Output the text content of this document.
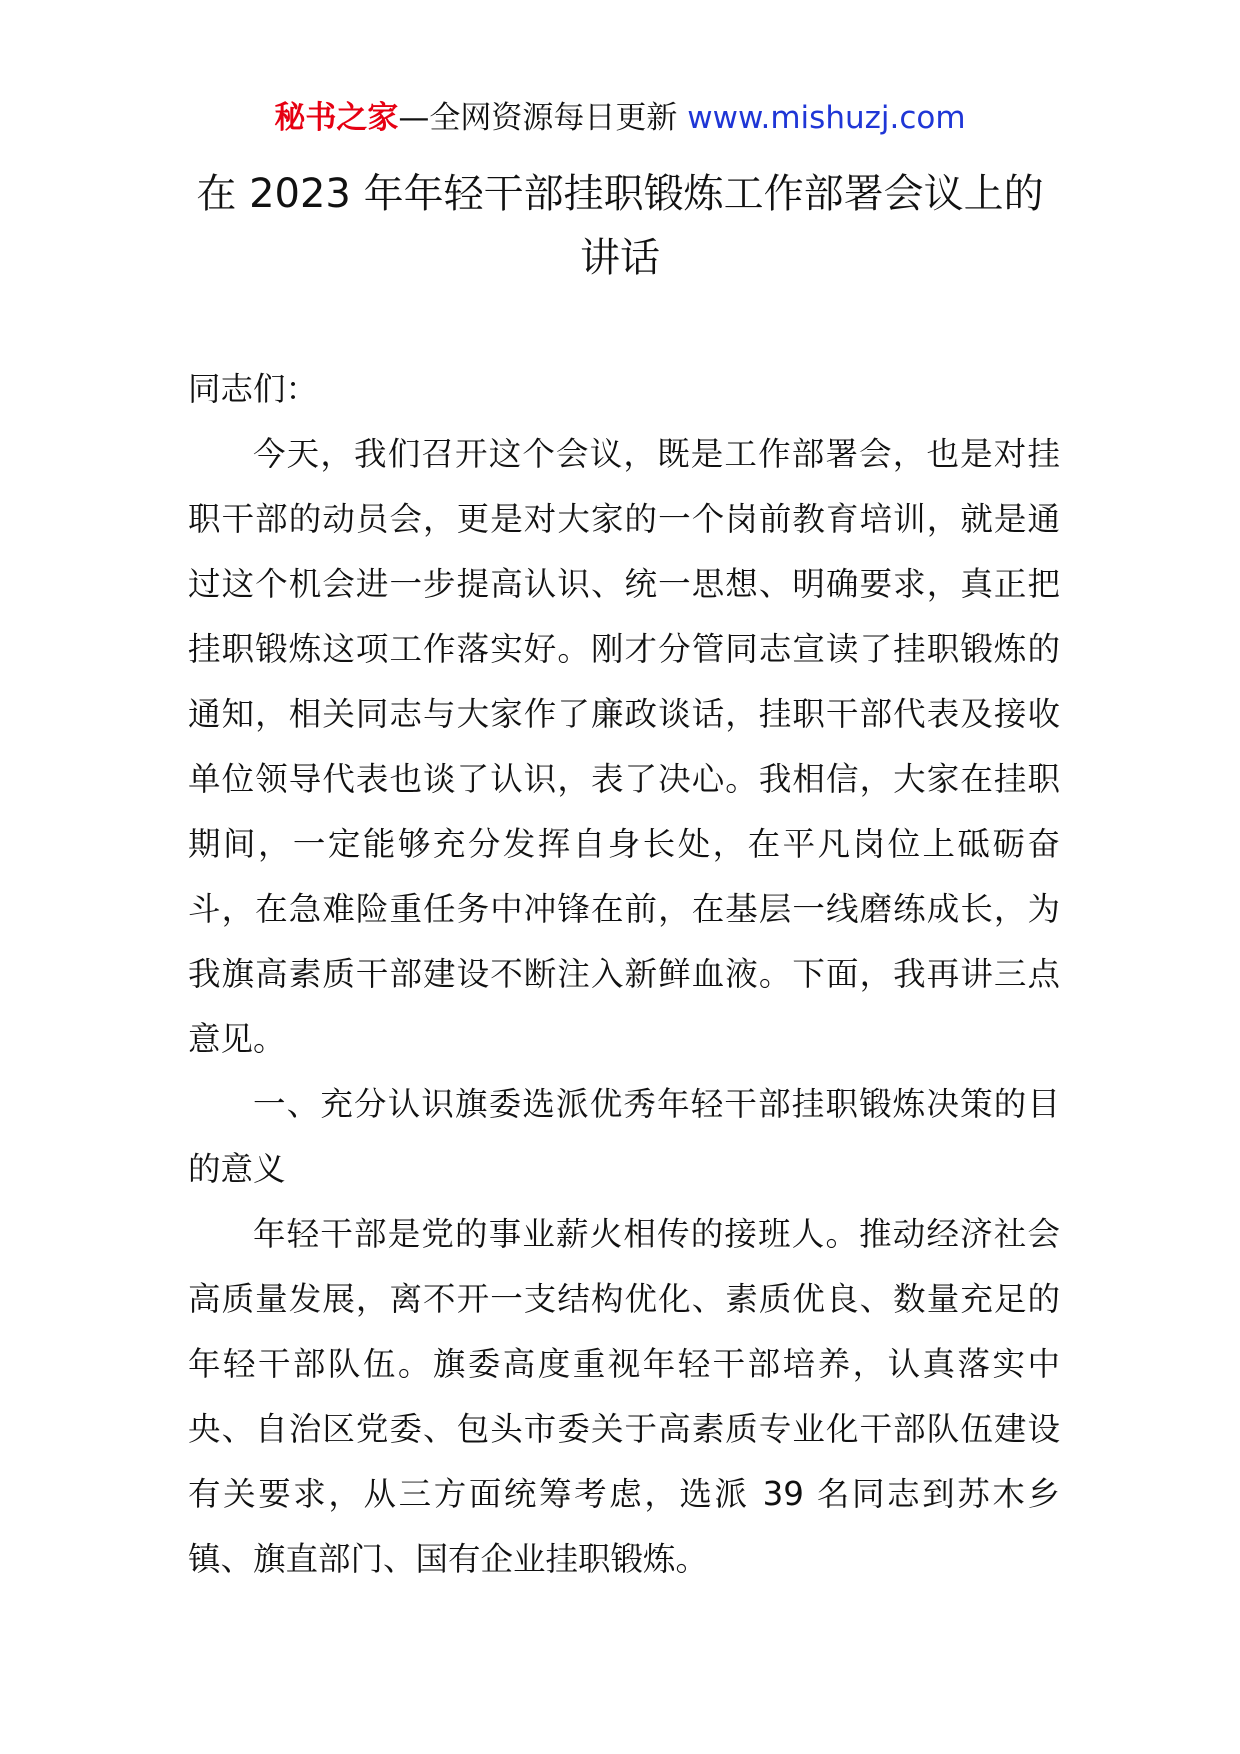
秘书之家—全网资源每日更新 www.mishuzj.com
在 2023 年年轻干部挂职锻炼工作部署会议上的
讲话

同志们：

今天，我们召开这个会议，既是工作部署会，也是对挂职干部的动员会，更是对大家的一个岗前教育培训，就是通过这个机会进一步提高认识、统一思想、明确要求，真正把挂职锻炼这项工作落实好。刚才分管同志宣读了挂职锻炼的通知，相关同志与大家作了廉政谈话，挂职干部代表及接收单位领导代表也谈了认识，表了决心。我相信，大家在挂职期间，一定能够充分发挥自身长处，在平凡岗位上砥砺奋斗，在急难险重任务中冲锋在前，在基层一线磨练成长，为我旗高素质干部建设不断注入新鲜血液。下面，我再讲三点意见。

一、充分认识旗委选派优秀年轻干部挂职锻炼决策的目的意义

年轻干部是党的事业薪火相传的接班人。推动经济社会高质量发展，离不开一支结构优化、素质优良、数量充足的年轻干部队伍。旗委高度重视年轻干部培养，认真落实中央、自治区党委、包头市委关于高素质专业化干部队伍建设有关要求，从三方面统筹考虑，选派 39 名同志到苏木乡镇、旗直部门、国有企业挂职锻炼。
